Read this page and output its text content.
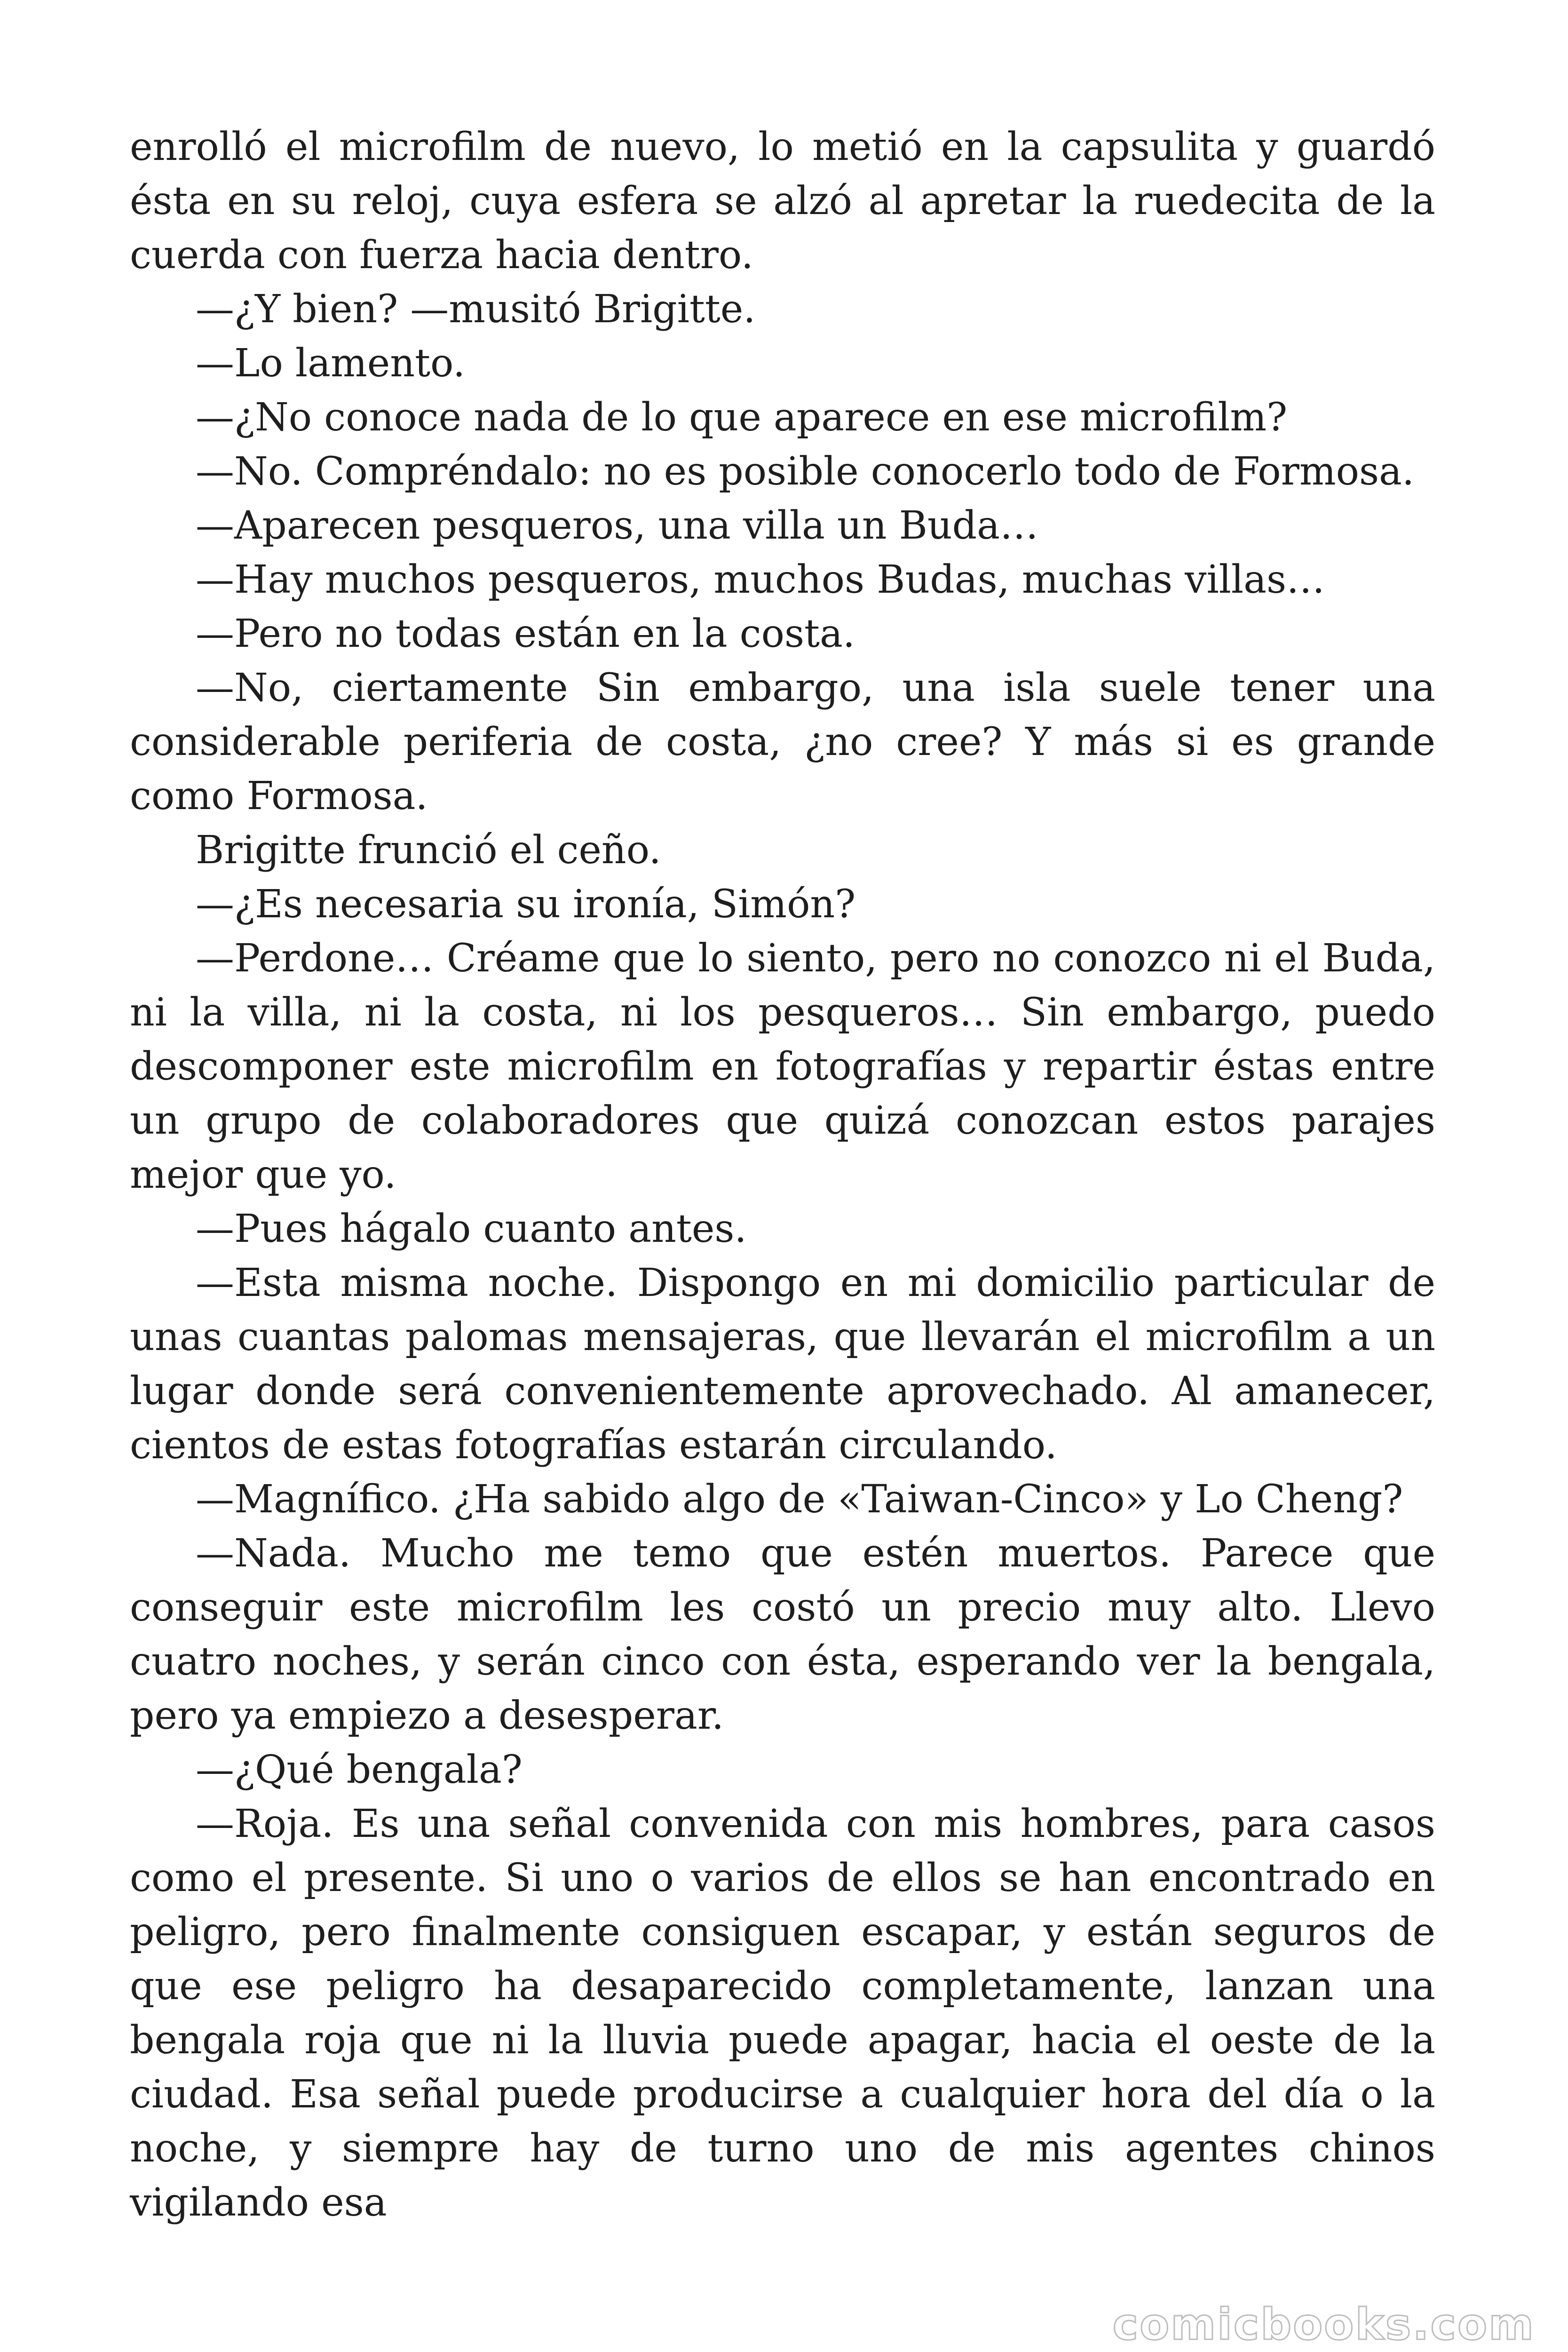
enrolló el microfilm de nuevo, lo metió en la capsulita y guardó ésta en su reloj, cuya esfera se alzó al apretar la ruedecita de la cuerda con fuerza hacia dentro.

—¿Y bien? —musitó Brigitte.

—Lo lamento.

—¿No conoce nada de lo que aparece en ese microfilm?

—No. Compréndalo: no es posible conocerlo todo de Formosa.

—Aparecen pesqueros, una villa un Buda…

—Hay muchos pesqueros, muchos Budas, muchas villas…

—Pero no todas están en la costa.

—No, ciertamente Sin embargo, una isla suele tener una considerable periferia de costa, ¿no cree? Y más si es grande como Formosa.

Brigitte frunció el ceño.

—¿Es necesaria su ironía, Simón?

—Perdone… Créame que lo siento, pero no conozco ni el Buda, ni la villa, ni la costa, ni los pesqueros… Sin embargo, puedo descomponer este microfilm en fotografías y repartir éstas entre un grupo de colaboradores que quizá conozcan estos parajes mejor que yo.

—Pues hágalo cuanto antes.

—Esta misma noche. Dispongo en mi domicilio particular de unas cuantas palomas mensajeras, que llevarán el microfilm a un lugar donde será convenientemente aprovechado. Al amanecer, cientos de estas fotografías estarán circulando.

—Magnífico. ¿Ha sabido algo de «Taiwan-Cinco» y Lo Cheng?

—Nada. Mucho me temo que estén muertos. Parece que conseguir este microfilm les costó un precio muy alto. Llevo cuatro noches, y serán cinco con ésta, esperando ver la bengala, pero ya empiezo a desesperar.

—¿Qué bengala?

—Roja. Es una señal convenida con mis hombres, para casos como el presente. Si uno o varios de ellos se han encontrado en peligro, pero finalmente consiguen escapar, y están seguros de que ese peligro ha desaparecido completamente, lanzan una bengala roja que ni la lluvia puede apagar, hacia el oeste de la ciudad. Esa señal puede producirse a cualquier hora del día o la noche, y siempre hay de turno uno de mis agentes chinos vigilando esa

comicbooks.com
